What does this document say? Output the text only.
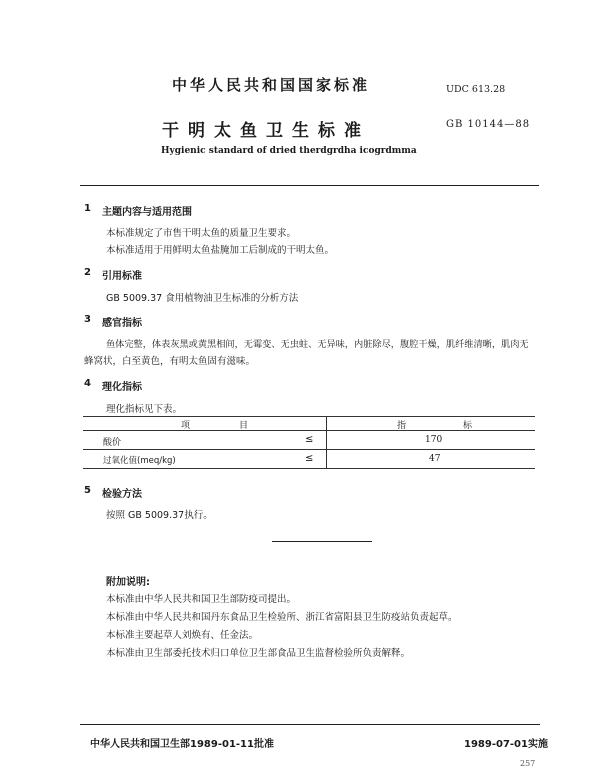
中华人民共和国国家标准	UDC 613.28
干明太鱼卫生标准	GB 10144—88
Hygienic standard of dried therdgrdha icogrdmma
1 主题内容与适用范围
本标准规定了市售干明太鱼的质量卫生要求。
本标准适用于用鲜明太鱼盐腌加工后制成的干明太鱼。
2 引用标准
GB 5009.37 食用植物油卫生标准的分析方法
3 感官指标
鱼体完整，体表灰黑或黄黑相间，无霉变、无虫蛀、无异味，内脏除尽，腹腔干燥，肌纤维清晰，肌肉无
蜂窝状，白至黄色，有明太鱼固有滋味。
4 理化指标
理化指标见下表。
项	目	指	标
酸价	≤	170
过氧化值(meq/kg)	≤	47
5 检验方法
按照 GB 5009.37执行。
附加说明:
本标准由中华人民共和国卫生部防疫司提出。
本标准由中华人民共和国丹东食品卫生检验所、浙江省富阳县卫生防疫站负责起草。
本标准主要起草人刘焕有、任金法。
本标准由卫生部委托技术归口单位卫生部食品卫生监督检验所负责解释。
中华人民共和国卫生部1989-01-11批准	1989-07-01实施
257
